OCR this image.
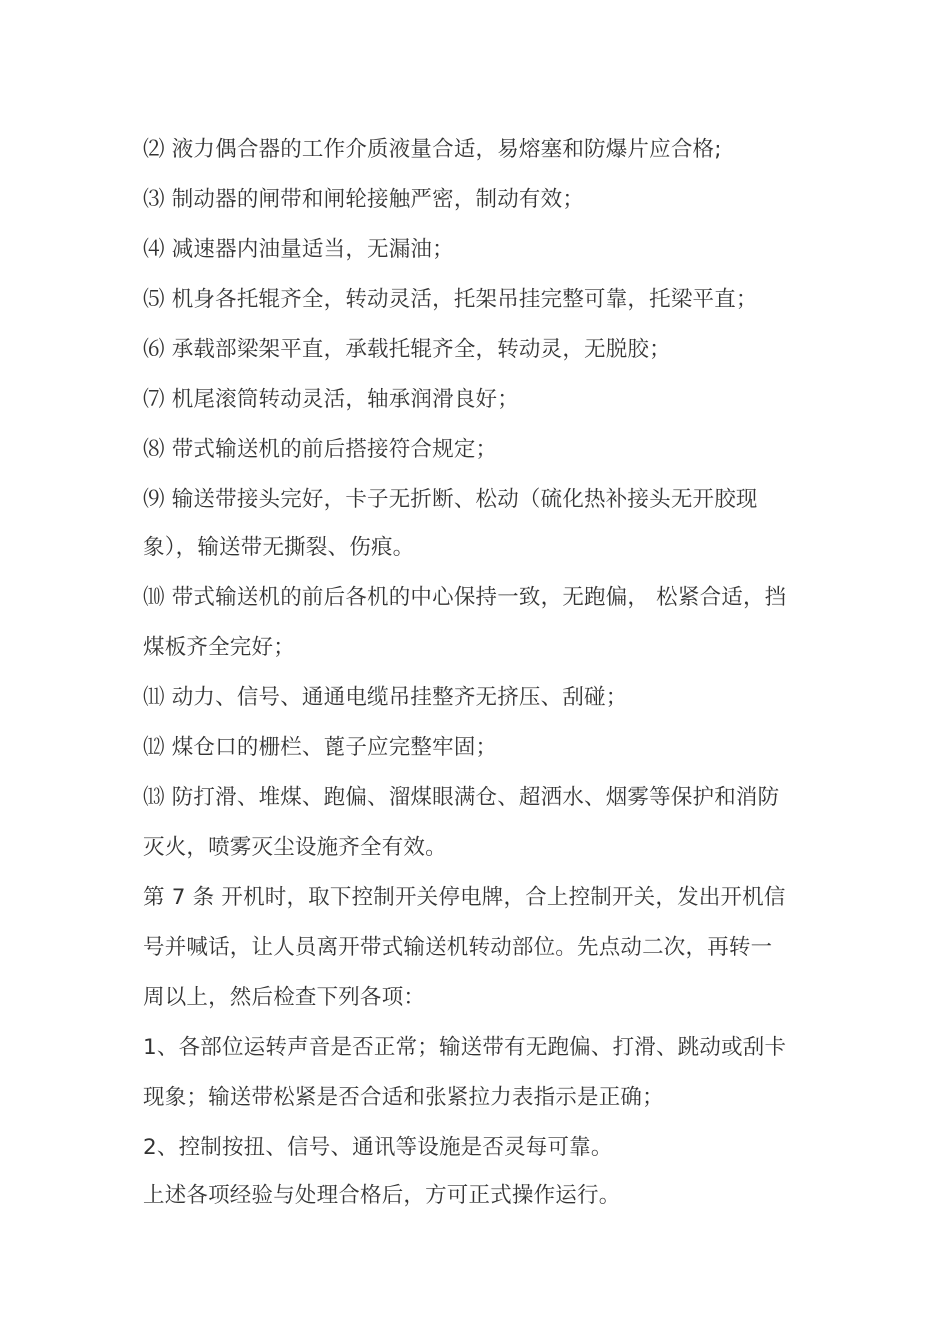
⑵ 液力偶合器的工作介质液量合适，易熔塞和防爆片应合格;
⑶ 制动器的闸带和闸轮接触严密，制动有效；
⑷ 减速器内油量适当，无漏油；
⑸ 机身各托辊齐全，转动灵活，托架吊挂完整可靠，托梁平直；
⑹ 承载部梁架平直，承载托辊齐全，转动灵，无脱胶；
⑺ 机尾滚筒转动灵活，轴承润滑良好；
⑻ 带式输送机的前后搭接符合规定；
⑼ 输送带接头完好，卡子无折断、松动（硫化热补接头无开胶现
象），输送带无撕裂、伤痕。
⑽ 带式输送机的前后各机的中心保持一致，无跑偏， 松紧合适，挡
煤板齐全完好；
⑾ 动力、信号、通通电缆吊挂整齐无挤压、刮碰；
⑿ 煤仓口的栅栏、蓖子应完整牢固；
⒀ 防打滑、堆煤、跑偏、溜煤眼满仓、超洒水、烟雾等保护和消防
灭火，喷雾灭尘设施齐全有效。
第 7 条 开机时，取下控制开关停电牌，合上控制开关，发出开机信
号并喊话，让人员离开带式输送机转动部位。先点动二次，再转一
周以上，然后检查下列各项：
1、各部位运转声音是否正常；输送带有无跑偏、打滑、跳动或刮卡
现象；输送带松紧是否合适和张紧拉力表指示是正确；
2、控制按扭、信号、通讯等设施是否灵每可靠。
上述各项经验与处理合格后，方可正式操作运行。
